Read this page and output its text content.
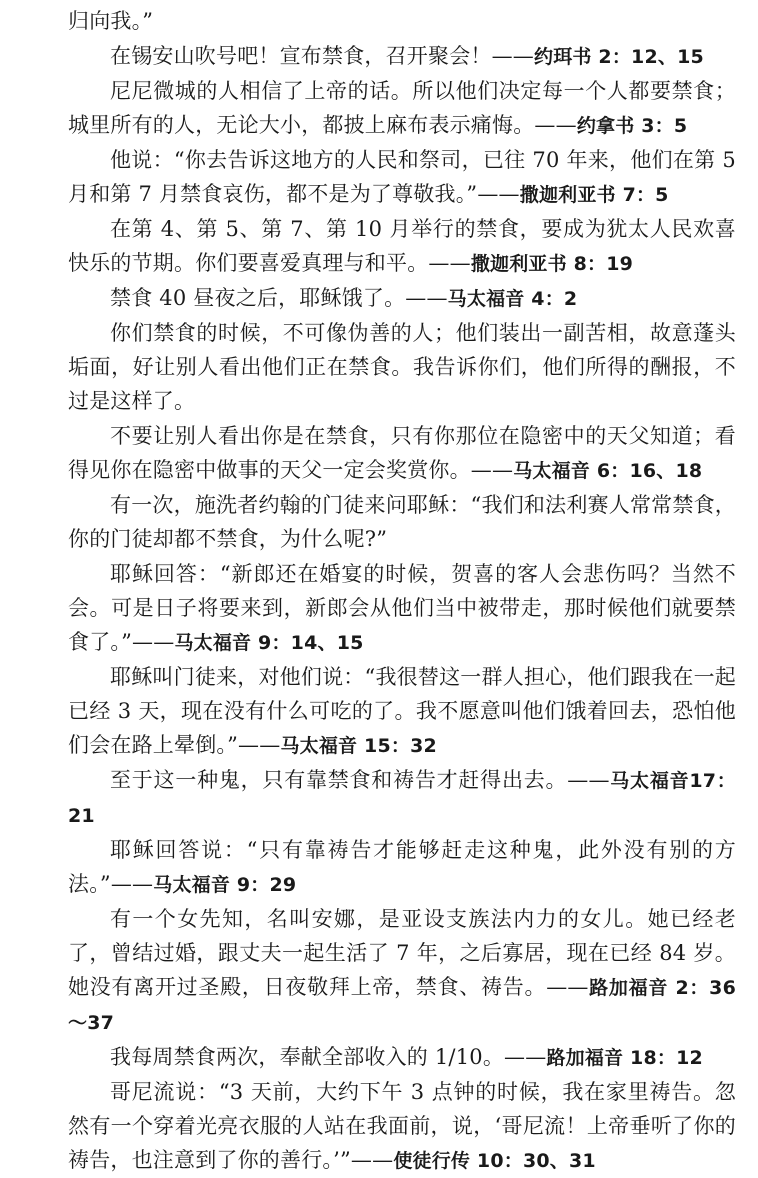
归向我。”

在锡安山吹号吧！宣布禁食，召开聚会！——约珥书 2：12、15

尼尼微城的人相信了上帝的话。所以他们决定每一个人都要禁食；城里所有的人，无论大小，都披上麻布表示痛悔。——约拿书 3：5

他说：“你去告诉这地方的人民和祭司，已往 70 年来，他们在第 5 月和第 7 月禁食哀伤，都不是为了尊敬我。”——撒迦利亚书 7：5

在第 4、第 5、第 7、第 10 月举行的禁食，要成为犹太人民欢喜快乐的节期。你们要喜爱真理与和平。——撒迦利亚书 8：19

禁食 40 昼夜之后，耶稣饿了。——马太福音 4：2

你们禁食的时候，不可像伪善的人；他们装出一副苦相，故意蓬头垢面，好让别人看出他们正在禁食。我告诉你们，他们所得的酬报，不过是这样了。

不要让别人看出你是在禁食，只有你那位在隐密中的天父知道；看得见你在隐密中做事的天父一定会奖赏你。——马太福音 6：16、18

有一次，施洗者约翰的门徒来问耶稣：“我们和法利赛人常常禁食，你的门徒却都不禁食，为什么呢?”

耶稣回答：“新郎还在婚宴的时候，贺喜的客人会悲伤吗？当然不会。可是日子将要来到，新郎会从他们当中被带走，那时候他们就要禁食了。”——马太福音 9：14、15

耶稣叫门徒来，对他们说：“我很替这一群人担心，他们跟我在一起已经 3 天，现在没有什么可吃的了。我不愿意叫他们饿着回去，恐怕他们会在路上晕倒。”——马太福音 15：32

至于这一种鬼，只有靠禁食和祷告才赶得出去。——马太福音17：21

耶稣回答说：“只有靠祷告才能够赶走这种鬼，此外没有别的方法。”——马太福音 9：29

有一个女先知，名叫安娜，是亚设支族法内力的女儿。她已经老了，曾结过婚，跟丈夫一起生活了 7 年，之后寡居，现在已经 84 岁。她没有离开过圣殿，日夜敬拜上帝，禁食、祷告。——路加福音 2：36～37

我每周禁食两次，奉献全部收入的 1/10。——路加福音 18：12

哥尼流说：“3 天前，大约下午 3 点钟的时候，我在家里祷告。忽然有一个穿着光亮衣服的人站在我面前，说，‘哥尼流！上帝垂听了你的祷告，也注意到了你的善行。’”——使徒行传 10：30、31
